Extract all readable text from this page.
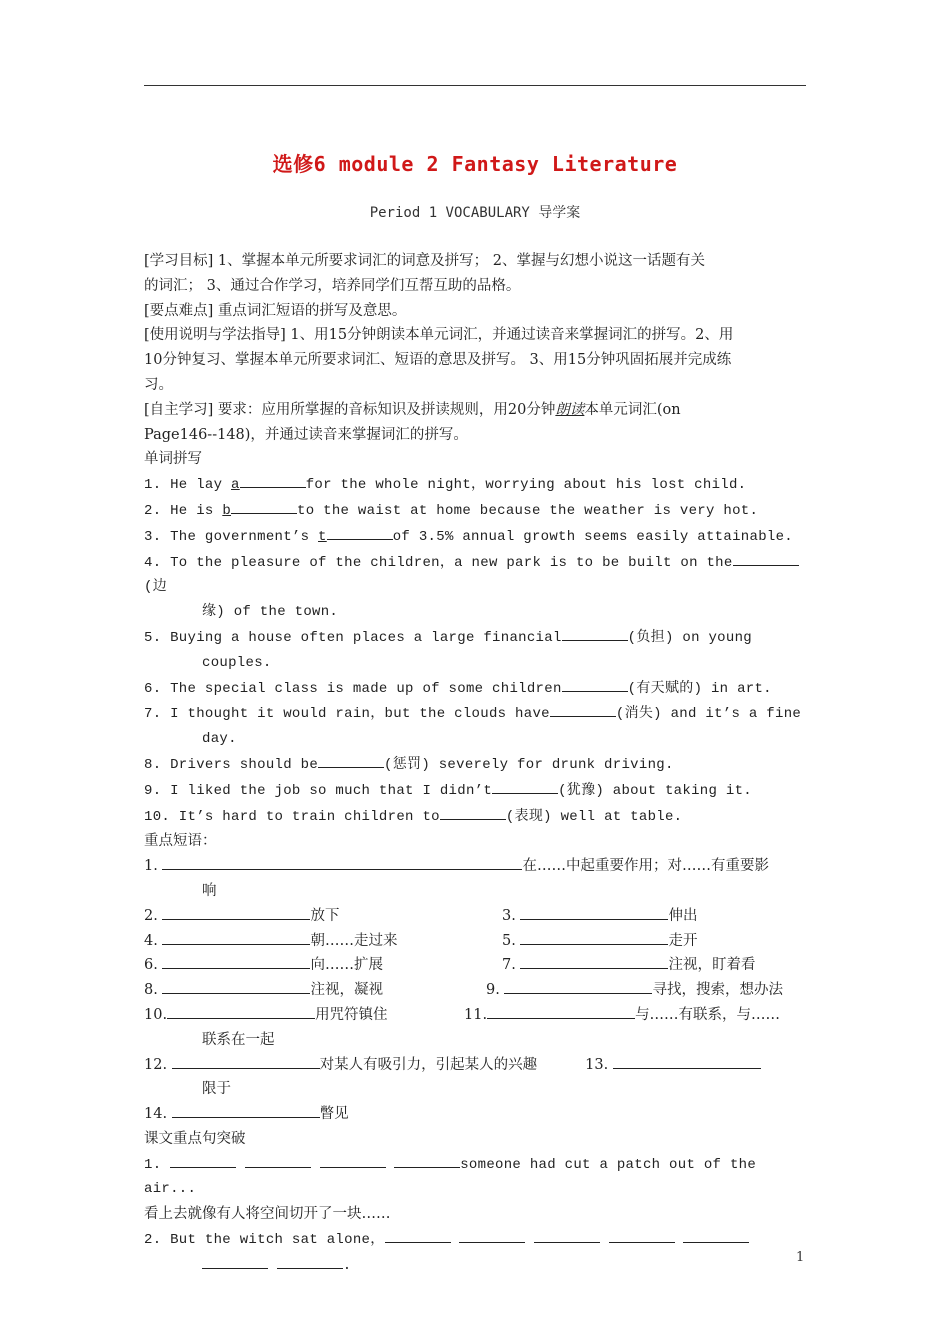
选修6 module 2 Fantasy Literature
Period 1 VOCABULARY 导学案

[学习目标] 1、掌握本单元所要求词汇的词意及拼写； 2、掌握与幻想小说这一话题有关

的词汇； 3、通过合作学习，培养同学们互帮互助的品格。

[要点难点] 重点词汇短语的拼写及意思。

[使用说明与学法指导] 1、用15分钟朗读本单元词汇，并通过读音来掌握词汇的拼写。2、用

10分钟复习、掌握本单元所要求词汇、短语的意思及拼写。 3、用15分钟巩固拓展并完成练

习。

[自主学习] 要求：应用所掌握的音标知识及拼读规则，用20分钟朗读本单元词汇(on

Page146--148)，并通过读音来掌握词汇的拼写。

单词拼写

1. He lay a	for the whole night，worrying about his lost child.

2. He is b	to the waist at home because the weather is very hot.

3. The government’s t	of 3.5% annual growth seems easily attainable.

4. To the pleasure of the children，a new park is to be built on the(边

缘) of the town.

5. Buying a house often places a large financial	(负担) on young

couples.

6. The special class is made up of some children	(有天赋的) in art.

7. I thought it would rain，but the clouds have	(消失) and it’s a fine

day.

8. Drivers should be	(惩罚) severely for drunk driving.

9. I liked the job so much that I didn’t	(犹豫) about taking it.

10. It’s hard to train children to	(表现) well at table.

重点短语：

1.	在……中起重要作用；对……有重要影

响

2.	放下	3.	伸出
4.	朝……走过来	5.	走开
6.	向……扩展	7.	注视，盯着看
8.	注视，凝视	9.	寻找，搜索，想办法
10.	用咒符镇住	11.	与……有联系，与……

联系在一起

12.	对某人有吸引力，引起某人的兴趣	13.

限于

14.	瞥见

课文重点句突破

1.	someone had cut a patch out of the air...

看上去就像有人将空间切开了一块……

2. But the witch sat alone，

.

1
